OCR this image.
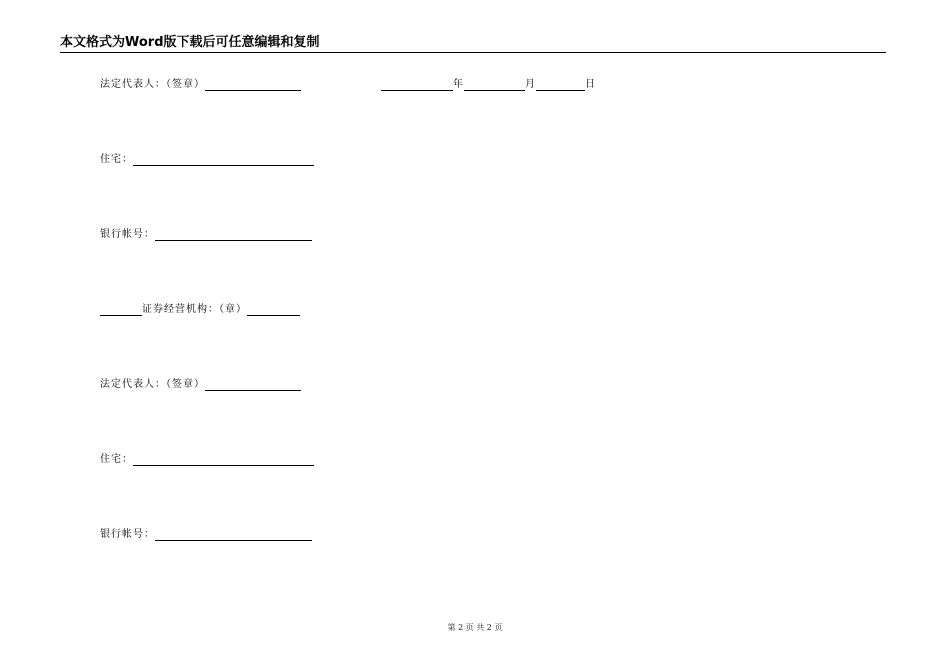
本文格式为Word版下载后可任意编辑和复制
法定代表人：（签章）	年	月	日
住宅：
银行帐号：
证券经营机构：（章）
法定代表人：（签章）
住宅：
银行帐号：
第 2 页 共 2 页
